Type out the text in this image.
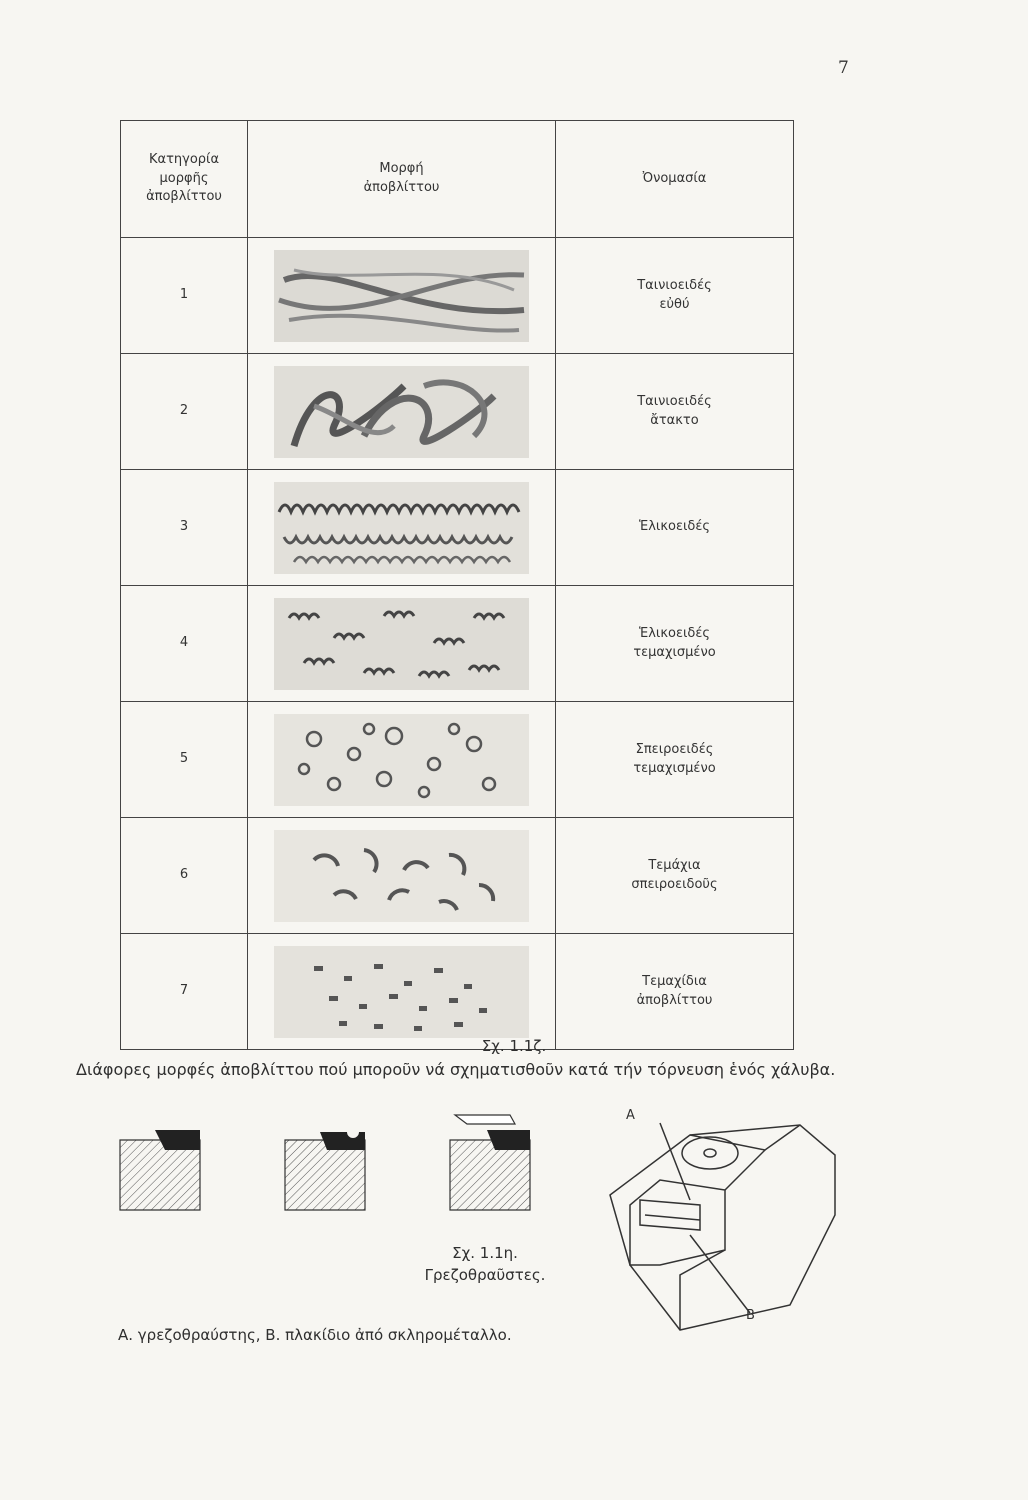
7
Κατηγορία μορφῆς ἀποβλίττου	Μορφή ἀποβλίττου	Ὀνομασία
1		Ταινιοειδές
εὐθύ

2		Ταινιοειδές
ἄτακτο

3		Ἑλικοειδές

4		Ἑλικοειδές
τεμαχισμένο

5		Σπειροειδές
τεμαχισμένο

6		Τεμάχια
σπειροειδοῦς

7		Τεμαχίδια
ἀποβλίττου
Σχ. 1.1ζ.
Διάφορες μορφές ἀποβλίττου πού μποροῦν νά σχηματισθοῦν κατά τήν τόρνευση ἑνός χάλυβα.
Σχ. 1.1η.
Γρεζοθραῦστες.
Α. γρεζοθραύστης, Β. πλακίδιο ἀπό σκληρομέταλλο.
Α
Β
